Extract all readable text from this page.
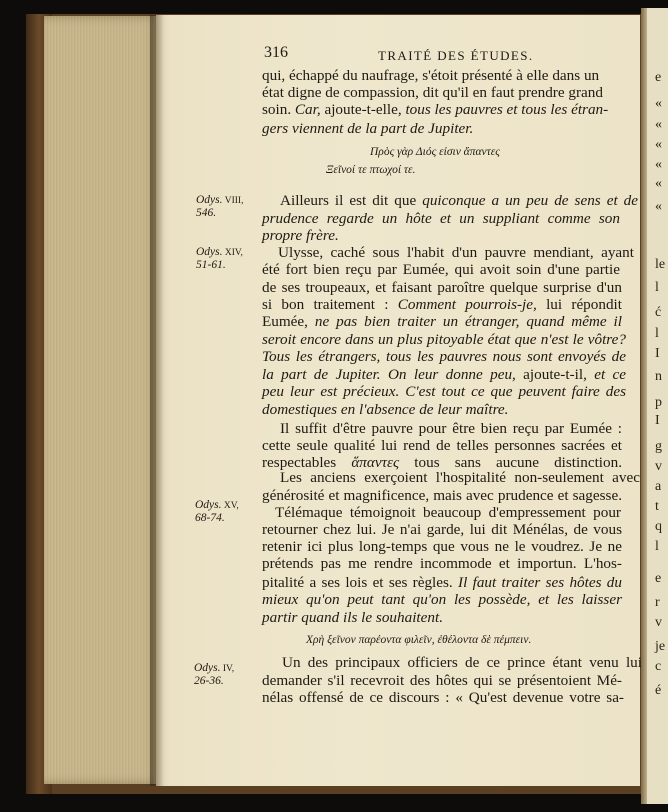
e
«
«
«
«
«
«
le
l
ć
l
I
n
p
I
g
v
a
t
q
l
e
r
v
je
c
é
316	TRAITÉ DES ÉTUDES.
Odys. VIII,
546.
Odys. XIV,
51-61.
Odys. XV,
68-74.
Odys. IV,
26-36.
qui, échappé du naufrage, s'étoit présenté à elle dans un
état digne de compassion, dit qu'il en faut prendre grand
soin. Car, ajoute-t-elle, tous les pauvres et tous les étran-
gers viennent de la part de Jupiter.
Πρὸς γὰρ Διός εἰσιν ἅπαντες
Ξεῖνοί τε πτωχοί τε.
Ailleurs il est dit que quiconque a un peu de sens et de
prudence regarde un hôte et un suppliant comme son
propre frère.
Ulysse, caché sous l'habit d'un pauvre mendiant, ayant
été fort bien reçu par Eumée, qui avoit soin d'une partie
de ses troupeaux, et faisant paroître quelque surprise d'un
si bon traitement : Comment pourrois-je, lui répondit
Eumée, ne pas bien traiter un étranger, quand même il
seroit encore dans un plus pitoyable état que n'est le vôtre?
Tous les étrangers, tous les pauvres nous sont envoyés de
la part de Jupiter. On leur donne peu, ajoute-t-il, et ce
peu leur est précieux. C'est tout ce que peuvent faire des
domestiques en l'absence de leur maître.
Il suffit d'être pauvre pour être bien reçu par Eumée :
cette seule qualité lui rend de telles personnes sacrées et
respectables ἅπαντες tous sans aucune distinction.
Les anciens exerçoient l'hospitalité non-seulement avec
générosité et magnificence, mais avec prudence et sagesse.
Télémaque témoignoit beaucoup d'empressement pour
retourner chez lui. Je n'ai garde, lui dit Ménélas, de vous
retenir ici plus long-temps que vous ne le voudrez. Je ne
prétends pas me rendre incommode et importun. L'hos-
pitalité a ses lois et ses règles. Il faut traiter ses hôtes du
mieux qu'on peut tant qu'on les possède, et les laisser
partir quand ils le souhaitent.
Χρὴ ξεῖνον παρέοντα φιλεῖν, ἐθέλοντα δὲ πέμπειν.
Un des principaux officiers de ce prince étant venu lui
demander s'il recevroit des hôtes qui se présentoient Mé-
nélas offensé de ce discours : « Qu'est devenue votre sa-
